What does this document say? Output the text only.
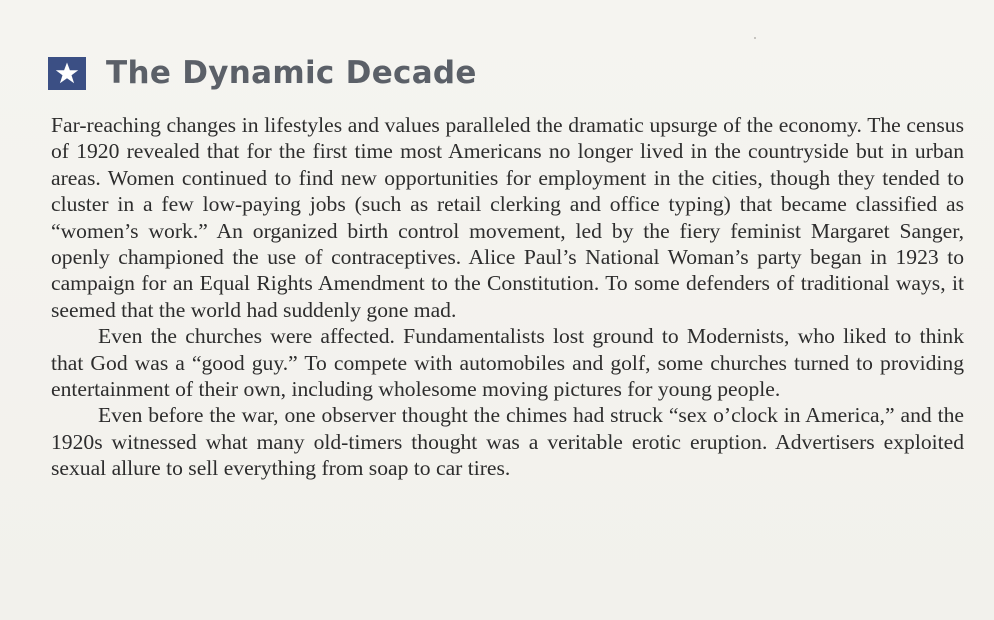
The Dynamic Decade

Far-reaching changes in lifestyles and values paralleled the dramatic upsurge of the economy. The census of 1920 revealed that for the first time most Americans no longer lived in the countryside but in urban areas. Women continued to find new opportunities for employment in the cities, though they tended to cluster in a few low-paying jobs (such as retail clerking and office typing) that became classified as “women’s work.” An organized birth control movement, led by the fiery feminist Margaret Sanger, openly championed the use of contraceptives. Alice Paul’s National Woman’s party began in 1923 to campaign for an Equal Rights Amendment to the Constitution. To some defenders of traditional ways, it seemed that the world had suddenly gone mad.

Even the churches were affected. Fundamentalists lost ground to Modernists, who liked to think that God was a “good guy.” To compete with automobiles and golf, some churches turned to providing entertainment of their own, including wholesome moving pictures for young people.

Even before the war, one observer thought the chimes had struck “sex o’clock in America,” and the 1920s witnessed what many old-timers thought was a veritable erotic eruption. Advertisers exploited sexual allure to sell everything from soap to car tires.
